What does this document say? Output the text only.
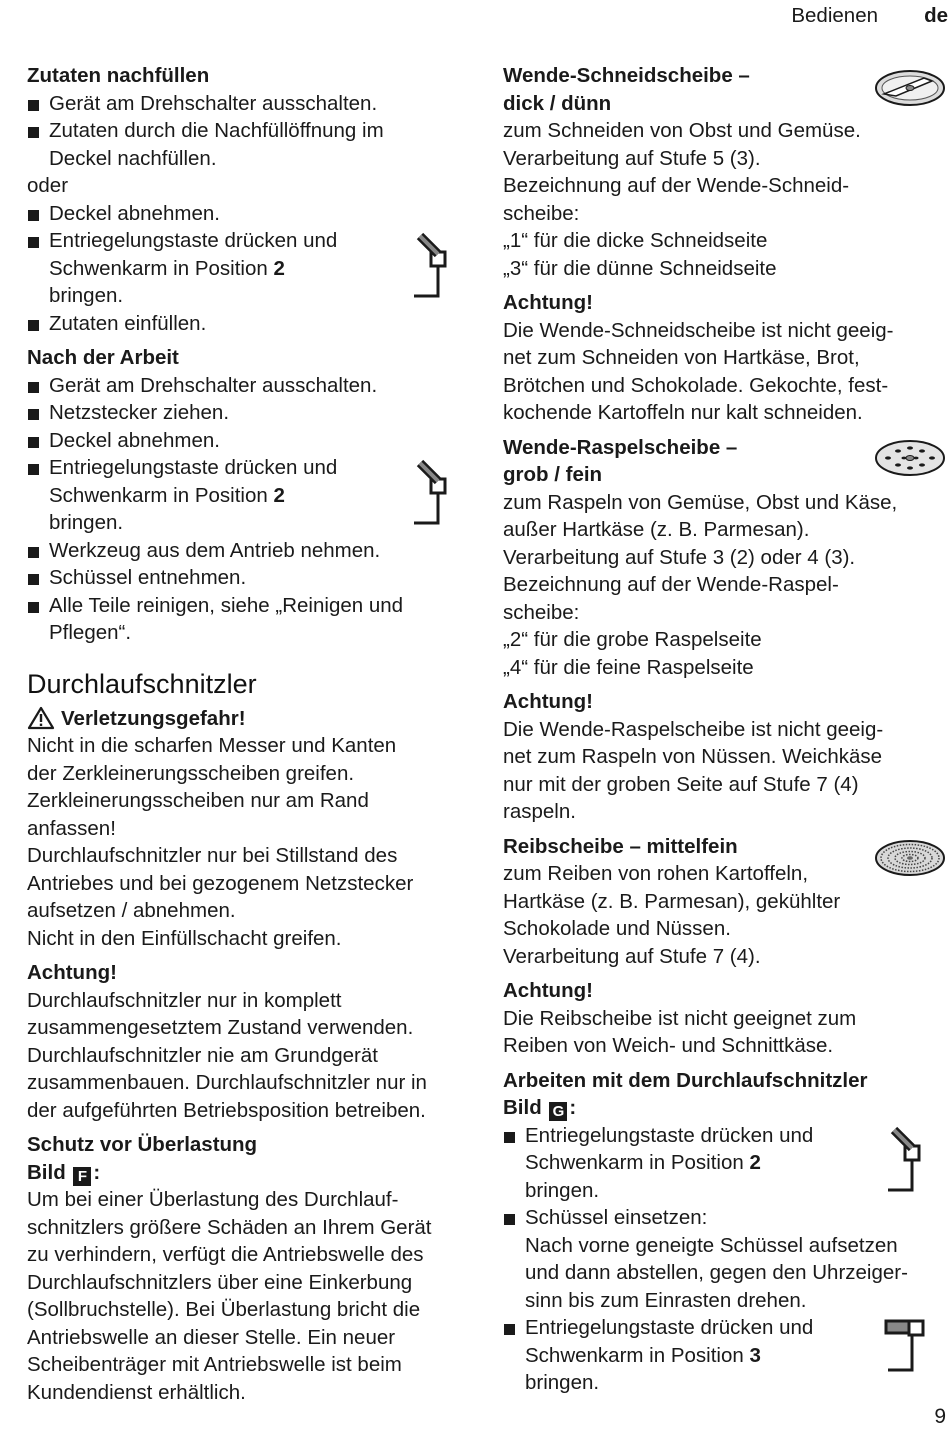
Bedienen de

Zutaten nachfüllen

Gerät am Drehschalter ausschalten.
Zutaten durch die Nachfüllöffnung im
Deckel nachfüllen.

oder

Deckel abnehmen.
Entriegelungstaste drücken und
Schwenkarm in Position 2
bringen.
Zutaten einfüllen.

Nach der Arbeit

Gerät am Drehschalter ausschalten.
Netzstecker ziehen.
Deckel abnehmen.
Entriegelungstaste drücken und
Schwenkarm in Position 2
bringen.
Werkzeug aus dem Antrieb nehmen.
Schüssel entnehmen.
Alle Teile reinigen, siehe „Reinigen und
Pflegen“.
Durchlaufschnitzler
Verletzungsgefahr!

Nicht in die scharfen Messer und Kanten
der Zerkleinerungsscheiben greifen.
Zerkleinerungsscheiben nur am Rand
anfassen!
Durchlaufschnitzler nur bei Stillstand des
Antriebes und bei gezogenem Netzstecker
aufsetzen / abnehmen.
Nicht in den Einfüllschacht greifen.

Achtung!

Durchlaufschnitzler nur in komplett
zusammengesetztem Zustand verwenden.
Durchlaufschnitzler nie am Grundgerät
zusammenbauen. Durchlaufschnitzler nur in
der aufgeführten Betriebsposition betreiben.

Schutz vor Überlastung

Bild F :

Um bei einer Überlastung des Durchlauf-
schnitzlers größere Schäden an Ihrem Gerät
zu verhindern, verfügt die Antriebswelle des
Durchlaufschnitzlers über eine Einkerbung
(Sollbruchstelle). Bei Überlastung bricht die
Antriebswelle an dieser Stelle. Ein neuer
Scheibenträger mit Antriebswelle ist beim
Kundendienst erhältlich.

Wende-Schneidscheibe –
dick / dünn

zum Schneiden von Obst und Gemüse.
Verarbeitung auf Stufe 5 (3).
Bezeichnung auf der Wende-Schneid-
scheibe:
„1“ für die dicke Schneidseite
„3“ für die dünne Schneidseite

Achtung!

Die Wende-Schneidscheibe ist nicht geeig-
net zum Schneiden von Hartkäse, Brot,
Brötchen und Schokolade. Gekochte, fest-
kochende Kartoffeln nur kalt schneiden.

Wende-Raspelscheibe –
grob / fein

zum Raspeln von Gemüse, Obst und Käse,
außer Hartkäse (z. B. Parmesan).
Verarbeitung auf Stufe 3 (2) oder 4 (3).
Bezeichnung auf der Wende-Raspel-
scheibe:
„2“ für die grobe Raspelseite
„4“ für die feine Raspelseite

Achtung!

Die Wende-Raspelscheibe ist nicht geeig-
net zum Raspeln von Nüssen. Weichkäse
nur mit der groben Seite auf Stufe 7 (4)
raspeln.

Reibscheibe – mittelfein

zum Reiben von rohen Kartoffeln,
Hartkäse (z. B. Parmesan), gekühlter
Schokolade und Nüssen.
Verarbeitung auf Stufe 7 (4).

Achtung!

Die Reibscheibe ist nicht geeignet zum
Reiben von Weich- und Schnittkäse.

Arbeiten mit dem Durchlaufschnitzler

Bild G :

Entriegelungstaste drücken und
Schwenkarm in Position 2
bringen.
Schüssel einsetzen:
Nach vorne geneigte Schüssel aufsetzen
und dann abstellen, gegen den Uhrzeiger-
sinn bis zum Einrasten drehen.
Entriegelungstaste drücken und
Schwenkarm in Position 3
bringen.
9
